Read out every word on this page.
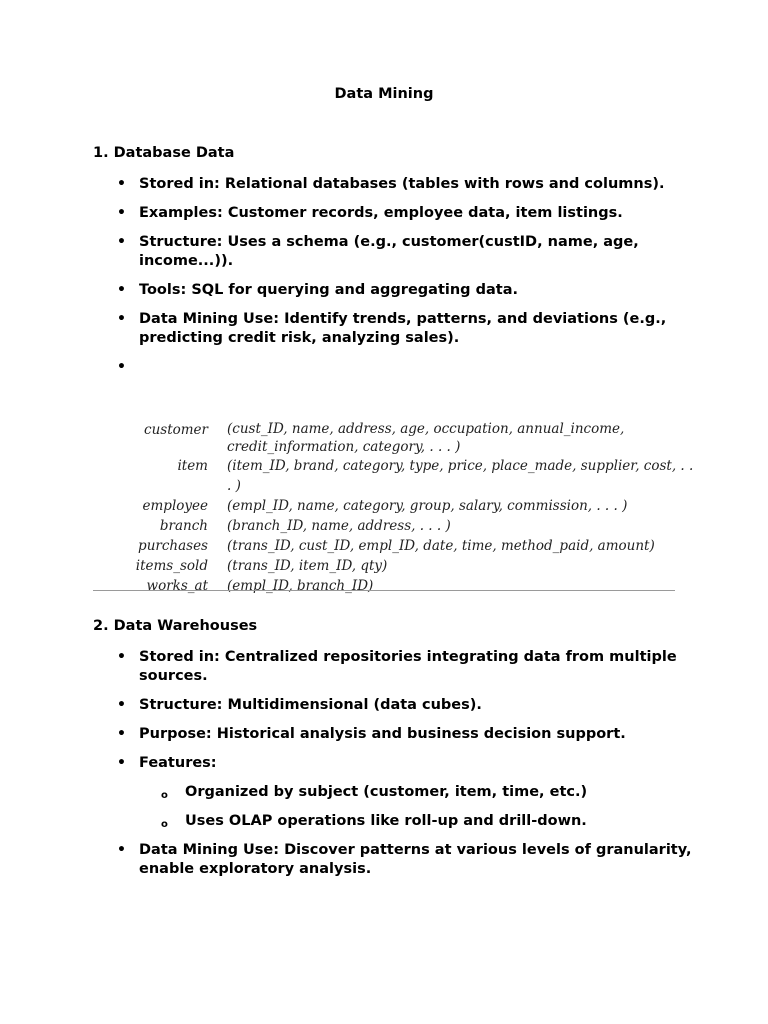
Data Mining
1. Database Data
• Stored in: Relational databases (tables with rows and columns).
• Examples: Customer records, employee data, item listings.
• Structure: Uses a schema (e.g., customer(custID, name, age, income...)).
• Tools: SQL for querying and aggregating data.
• Data Mining Use: Identify trends, patterns, and deviations (e.g., predicting credit risk, analyzing sales).
•
customer	(cust_ID, name, address, age, occupation, annual_income, credit_information, category, . . . )
item	(item_ID, brand, category, type, price, place_made, supplier, cost, . . . )
employee	(empl_ID, name, category, group, salary, commission, . . . )
branch	(branch_ID, name, address, . . . )
purchases	(trans_ID, cust_ID, empl_ID, date, time, method_paid, amount)
items_sold	(trans_ID, item_ID, qty)
works_at	(empl_ID, branch_ID)
2. Data Warehouses
• Stored in: Centralized repositories integrating data from multiple sources.
• Structure: Multidimensional (data cubes).
• Purpose: Historical analysis and business decision support.
• Features:
o Organized by subject (customer, item, time, etc.)
o Uses OLAP operations like roll-up and drill-down.
• Data Mining Use: Discover patterns at various levels of granularity, enable exploratory analysis.
